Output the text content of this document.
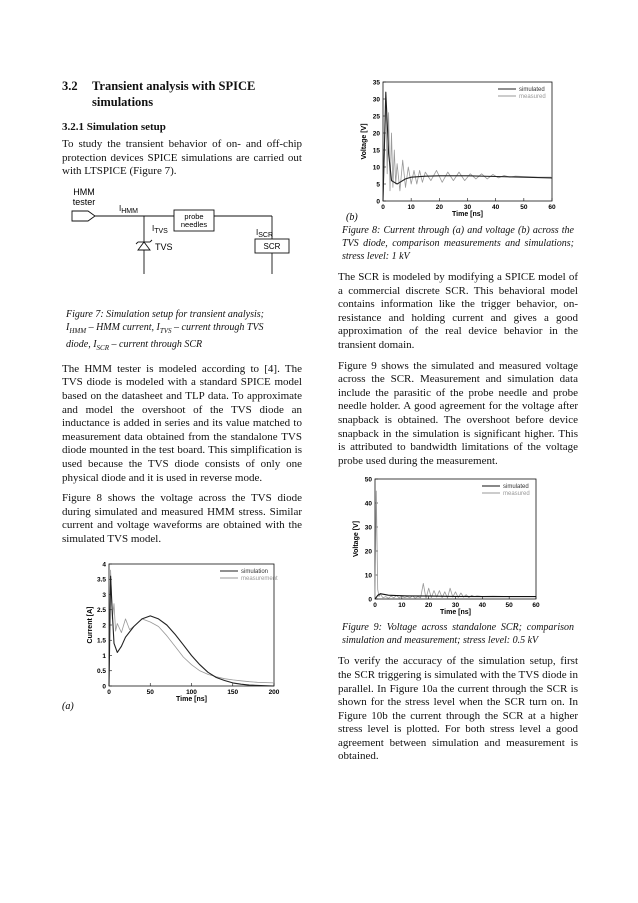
3.2	Transient analysis with SPICE
simulations
3.2.1 Simulation setup

To study the transient behavior of on- and off-chip protection devices SPICE simulations are carried out with LTSPICE (Figure 7).

HMM
tester
IHMM
probe
needles
ITVS	ISCR
TVS	SCR

Figure 7: Simulation setup for transient analysis;
$I_{HMM}$ – HMM current, $I_{TVS}$ – current through TVS
diode, $I_{SCR}$ – current through SCR

The HMM tester is modeled according to [4]. The TVS diode is modeled with a standard SPICE model based on the datasheet and TLP data. To approximate and model the overshoot of the TVS diode an inductance is added in series and its value matched to measurement data obtained from the standalone TVS diode mounted in the test board. This simplification is used because the TVS diode consists of only one physical diode and it is used in reverse mode.

Figure 8 shows the voltage across the TVS diode during simulated and measured HMM stress. Similar current and voltage waveforms are obtained with the simulated TVS model.

0	50	100	150	200
0
0.5
1
1.5
2
2.5
3
3.5
4
Time [ns]
Current [A]
simulation
measurement
(a)
0	10	20	30	40	50	60
0
5
10
15
20
25
30
35
Time [ns]
Voltage [V]
simulated
measured
(b)

Figure 8: Current through (a) and voltage (b) across the TVS diode, comparison measurements and simulations; stress level: 1 kV

The SCR is modeled by modifying a SPICE model of a commercial discrete SCR. This behavioral model contains information like the trigger behavior, on-resistance and holding current and gives a good approximation of the real device behavior in the transient domain.

Figure 9 shows the simulated and measured voltage across the SCR. Measurement and simulation data include the parasitic of the probe needle and probe needle holder. A good agreement for the voltage after snapback is obtained. The overshoot before device snapback in the simulation is significant higher. This is attributed to bandwidth limitations of the voltage probe used during the measurement.

0	10	20	30	40	50	60
0
10
20
30
40
50
Time [ns]
Voltage [V]
simulated
measured

Figure 9: Voltage across standalone SCR; comparison simulation and measurement; stress level: 0.5 kV

To verify the accuracy of the simulation setup, first the SCR triggering is simulated with the TVS diode in parallel. In Figure 10a the current through the SCR is shown for the stress level when the SCR turn on. In Figure 10b the current through the SCR at a higher stress level is plotted. For both stress level a good agreement between simulation and measurement is obtained.
